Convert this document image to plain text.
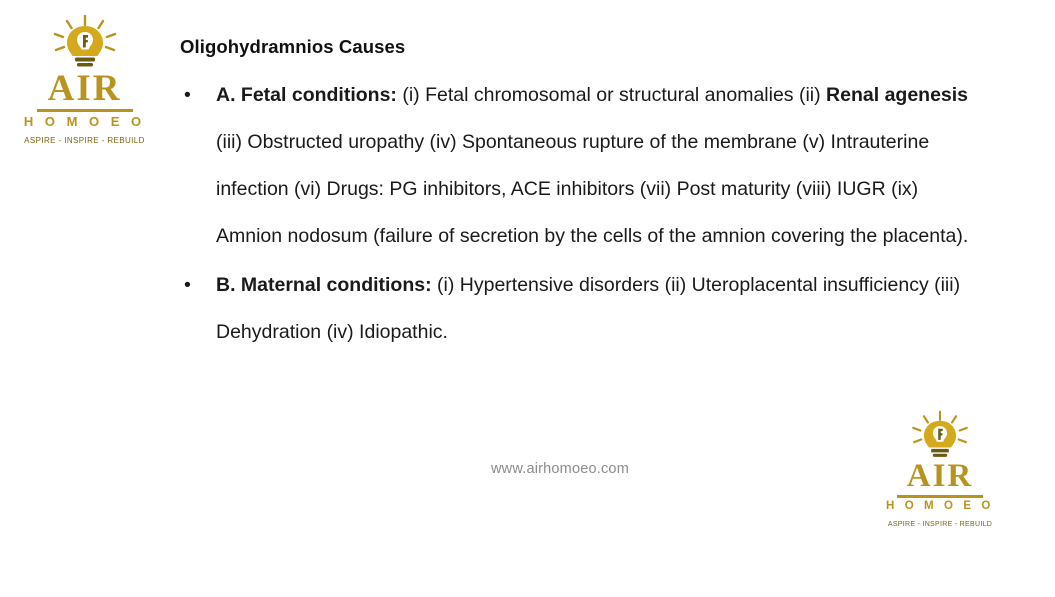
AIR
H O M O E O
ASPIRE - INSPIRE - REBUILD
Oligohydramnios Causes
• A. Fetal conditions: (i) Fetal chromosomal or structural anomalies (ii) Renal agenesis (iii) Obstructed uropathy (iv) Spontaneous rupture of the membrane (v) Intrauterine infection (vi) Drugs: PG inhibitors, ACE inhibitors (vii) Post maturity (viii) IUGR (ix) Amnion nodosum (failure of secretion by the cells of the amnion covering the placenta).
• B. Maternal conditions: (i) Hypertensive disorders (ii) Uteroplacental insufficiency (iii) Dehydration (iv) Idiopathic.
www.airhomoeo.com	AIR
H O M O E O
ASPIRE - INSPIRE - REBUILD
